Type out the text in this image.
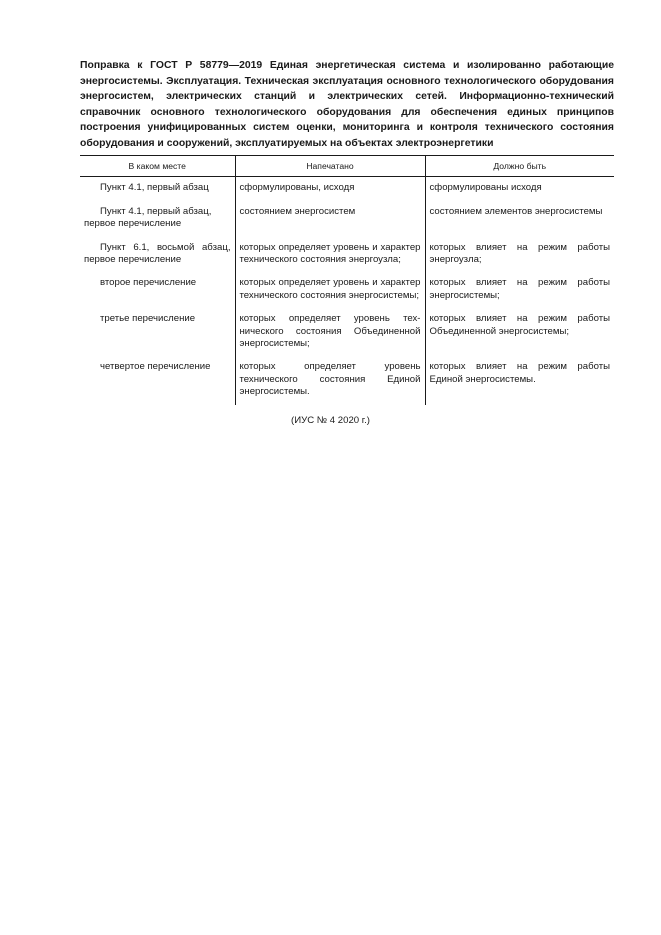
Поправка к ГОСТ Р 58779—2019 Единая энергетическая система и изолированно работающие энергосистемы. Эксплуатация. Техническая эксплуатация основного технологического оборудования энергосистем, электрических станций и электрических сетей. Информационно-технический справочник основного технологического оборудования для обеспечения единых принципов построения унифицированных систем оценки, мониторинга и контроля технического состояния оборудования и сооружений, эксплуатируемых на объектах электроэнергетики
В каком месте	Напечатано	Должно быть
Пункт 4.1, первый абзац	сформулированы, исходя	сформулированы исходя
Пункт 4.1, первый абзац,
первое перечисление	состоянием энергосистем	состоянием элементов энергосистемы
Пункт 6.1, восьмой абзац, первое перечисление	которых определяет уровень и характер технического состояния энергоузла;	которых влияет на режим работы энергоузла;
второе перечисление	которых определяет уровень и характер технического состояния энергосистемы;	которых влияет на режим работы энергосистемы;
третье перечисление	которых определяет уровень технического состояния Объединенной энергосистемы;	которых влияет на режим работы Объединенной энергосистемы;
четвертое перечисление	которых определяет уровень технического состояния Единой энергосистемы.	которых влияет на режим работы Единой энергосистемы.
(ИУС № 4 2020 г.)
